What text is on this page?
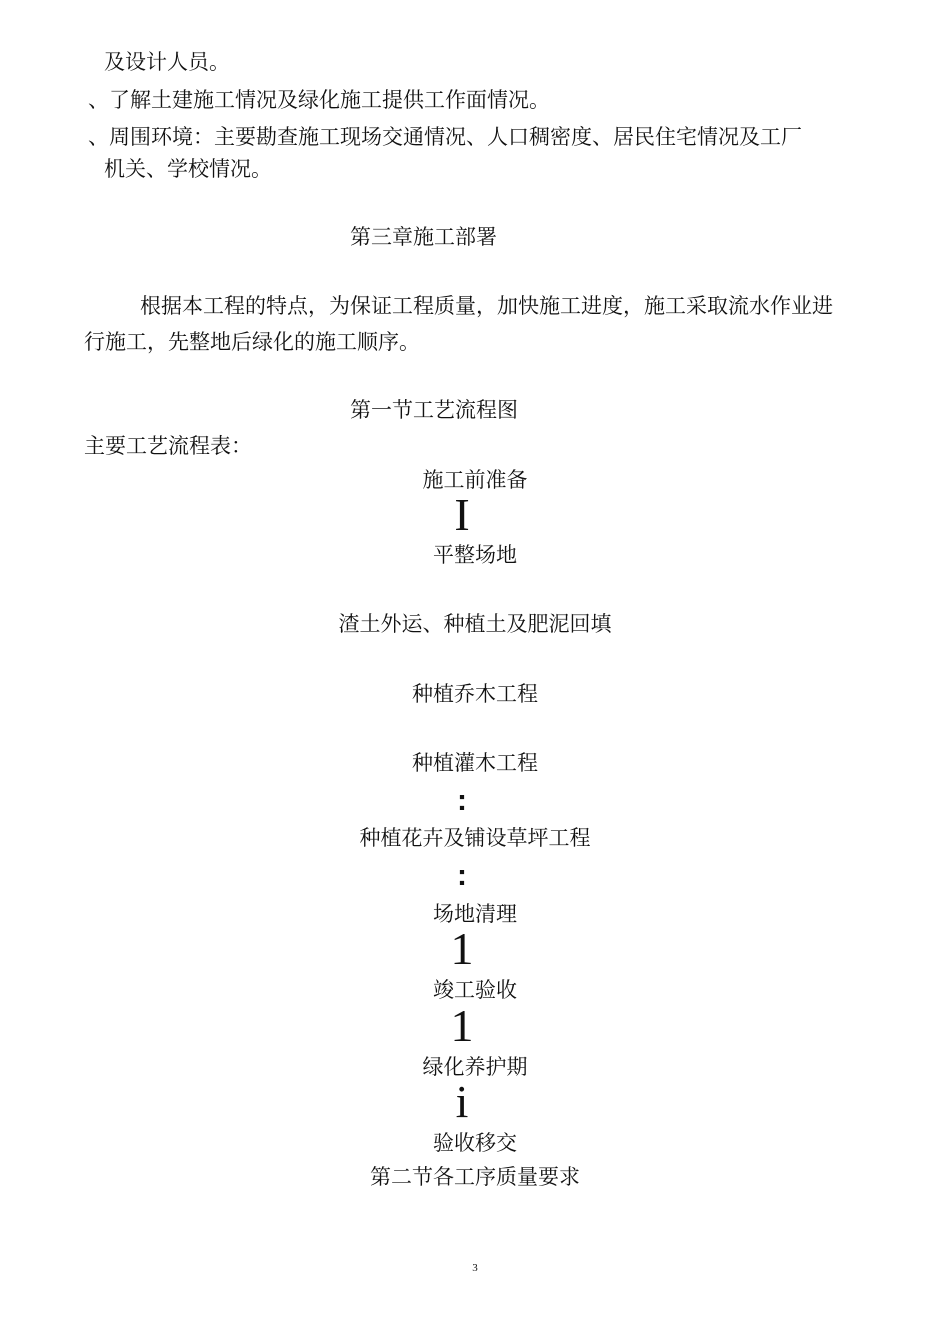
及设计人员。
、了解土建施工情况及绿化施工提供工作面情况。
、周围环境：主要勘查施工现场交通情况、人口稠密度、居民住宅情况及工厂
机关、学校情况。
第三章施工部署
根据本工程的特点，为保证工程质量，加快施工进度，施工采取流水作业进
行施工，先整地后绿化的施工顺序。
第一节工艺流程图
主要工艺流程表：
施工前准备
I
平整场地
渣土外运、种植土及肥泥回填
种植乔木工程
种植灌木工程
:
种植花卉及铺设草坪工程
:
场地清理
1
竣工验收
1
绿化养护期
i
验收移交
第二节各工序质量要求
3
